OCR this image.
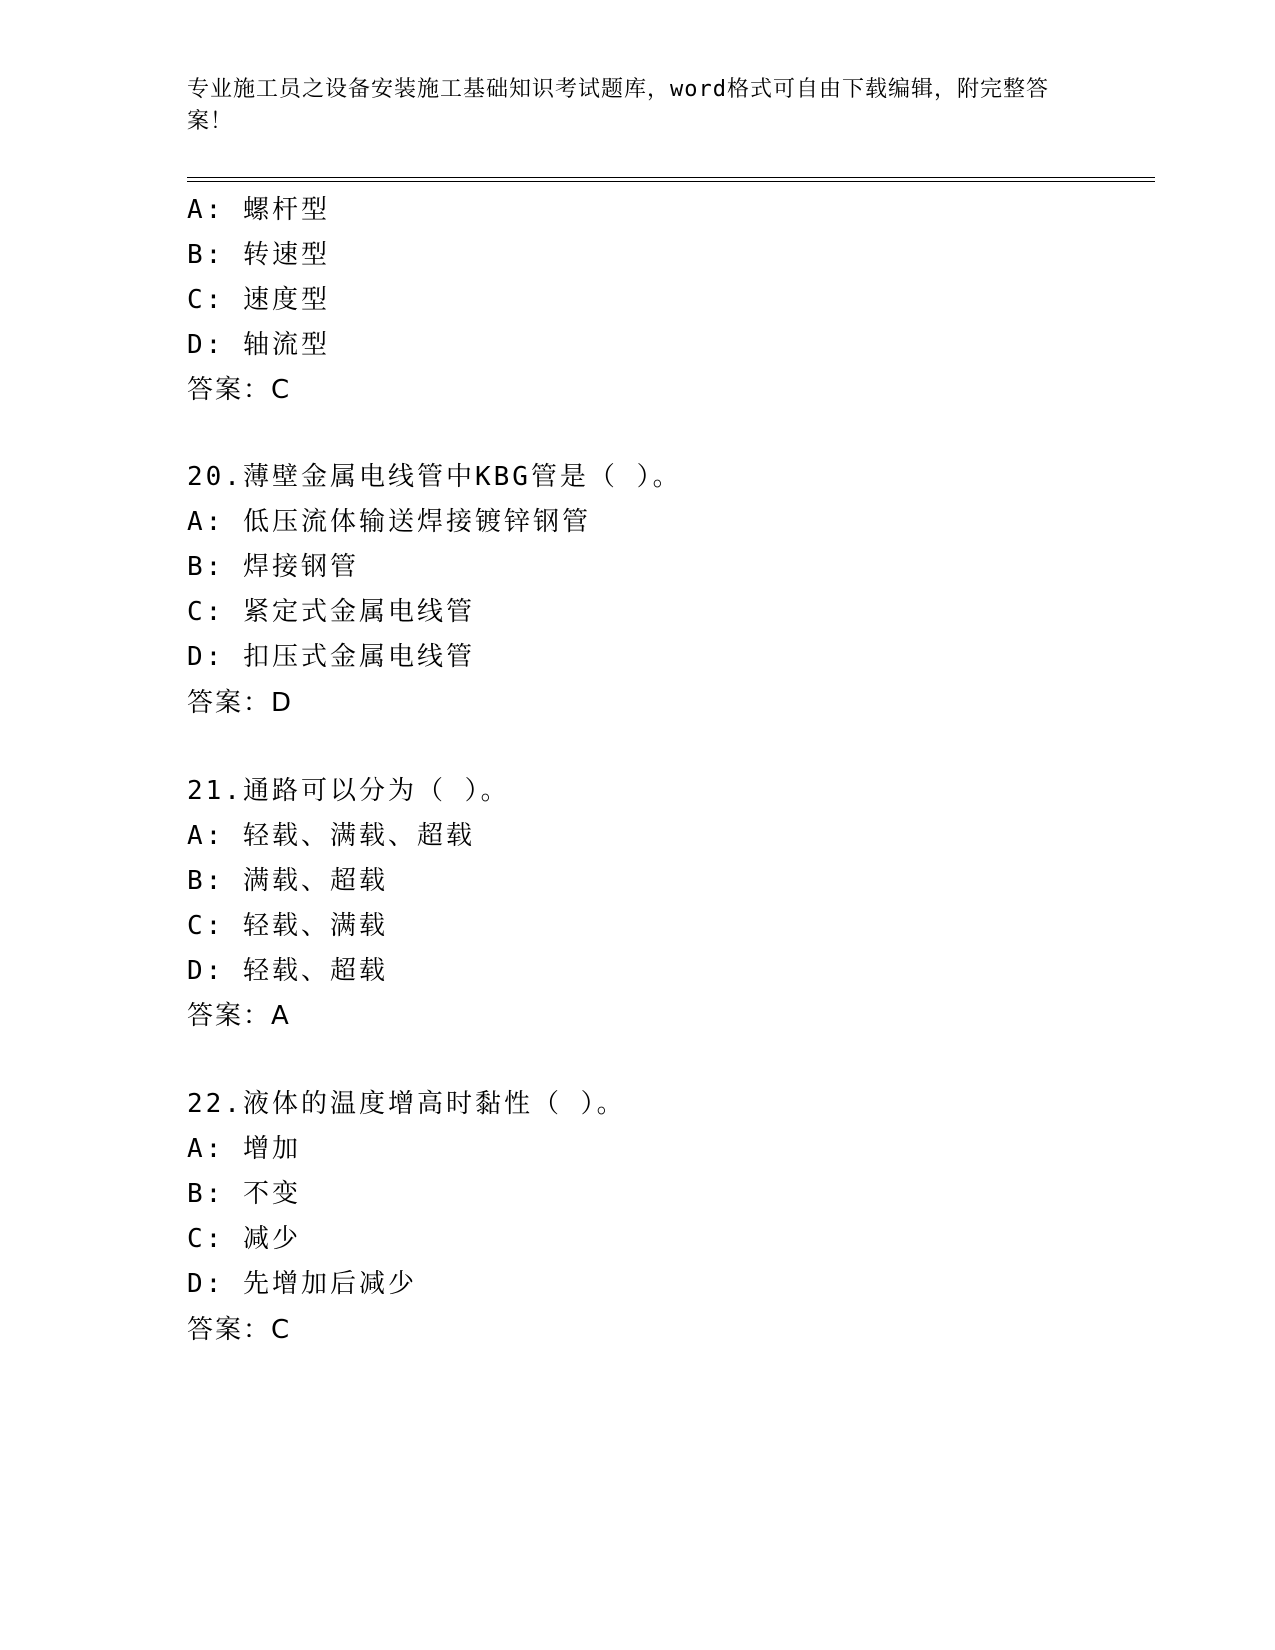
专业施工员之设备安装施工基础知识考试题库，word格式可自由下载编辑，附完整答案！
A: 螺杆型
B: 转速型
C: 速度型
D: 轴流型
答案：C
20.薄壁金属电线管中KBG管是（ ）。
A: 低压流体输送焊接镀锌钢管
B: 焊接钢管
C: 紧定式金属电线管
D: 扣压式金属电线管
答案：D
21.通路可以分为（ ）。
A: 轻载、满载、超载
B: 满载、超载
C: 轻载、满载
D: 轻载、超载
答案：A
22.液体的温度增高时黏性（ ）。
A: 增加
B: 不变
C: 减少
D: 先增加后减少
答案：C
